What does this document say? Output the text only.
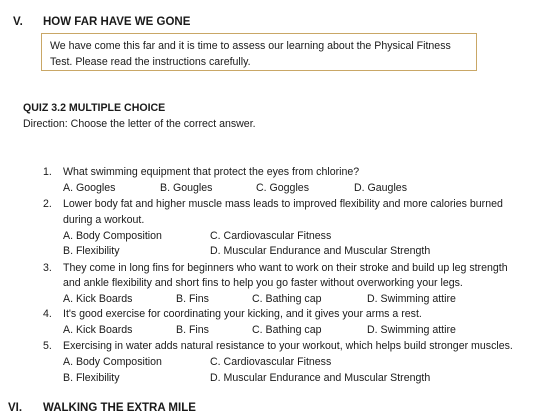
V. HOW FAR HAVE WE GONE
We have come this far and it is time to assess our learning about the Physical Fitness
Test. Please read the instructions carefully.
QUIZ 3.2 MULTIPLE CHOICE
Direction: Choose the letter of the correct answer.
1. What swimming equipment that protect the eyes from chlorine?
A. Googles	B. Gougles	C. Goggles	D. Gaugles
2. Lower body fat and higher muscle mass leads to improved flexibility and more calories burned
during a workout.
A. Body Composition	C. Cardiovascular Fitness
B. Flexibility	D. Muscular Endurance and Muscular Strength
3. They come in long fins for beginners who want to work on their stroke and build up leg strength
and ankle flexibility and short fins to help you go faster without overworking your legs.
A. Kick Boards	B. Fins	C. Bathing cap	D. Swimming attire
4. It's good exercise for coordinating your kicking, and it gives your arms a rest.
A. Kick Boards	B. Fins	C. Bathing cap	D. Swimming attire
5. Exercising in water adds natural resistance to your workout, which helps build stronger muscles.
A. Body Composition	C. Cardiovascular Fitness
B. Flexibility	D. Muscular Endurance and Muscular Strength
VI. WALKING THE EXTRA MILE
